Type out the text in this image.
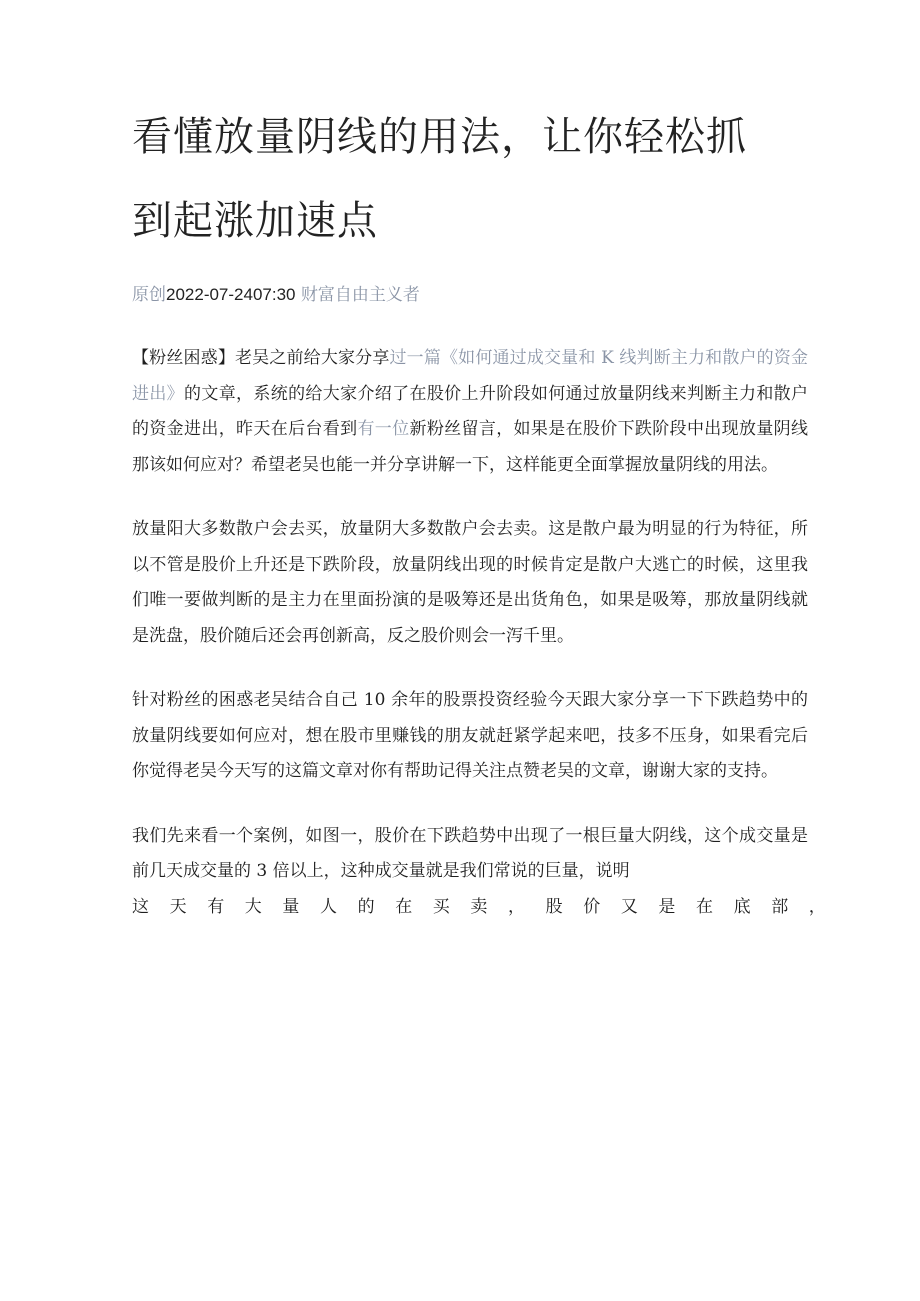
看懂放量阴线的用法，让你轻松抓
到起涨加速点
原创2022-07-2407:30 财富自由主义者

【粉丝困惑】老吴之前给大家分享过一篇《如何通过成交量和 K 线判断主力和散户的资金进出》的文章，系统的给大家介绍了在股价上升阶段如何通过放量阴线来判断主力和散户的资金进出，昨天在后台看到有一位新粉丝留言，如果是在股价下跌阶段中出现放量阴线那该如何应对？希望老吴也能一并分享讲解一下，这样能更全面掌握放量阴线的用法。

放量阳大多数散户会去买，放量阴大多数散户会去卖。这是散户最为明显的行为特征，所以不管是股价上升还是下跌阶段，放量阴线出现的时候肯定是散户大逃亡的时候，这里我们唯一要做判断的是主力在里面扮演的是吸筹还是出货角色，如果是吸筹，那放量阴线就是洗盘，股价随后还会再创新高，反之股价则会一泻千里。

针对粉丝的困惑老吴结合自己 10 余年的股票投资经验今天跟大家分享一下下跌趋势中的放量阴线要如何应对，想在股市里赚钱的朋友就赶紧学起来吧，技多不压身，如果看完后你觉得老吴今天写的这篇文章对你有帮助记得关注点赞老吴的文章，谢谢大家的支持。

我们先来看一个案例，如图一，股价在下跌趋势中出现了一根巨量大阴线，这个成交量是前几天成交量的 3 倍以上，这种成交量就是我们常说的巨量，说明

这天有大量人的在买卖，股价又是在底部，
